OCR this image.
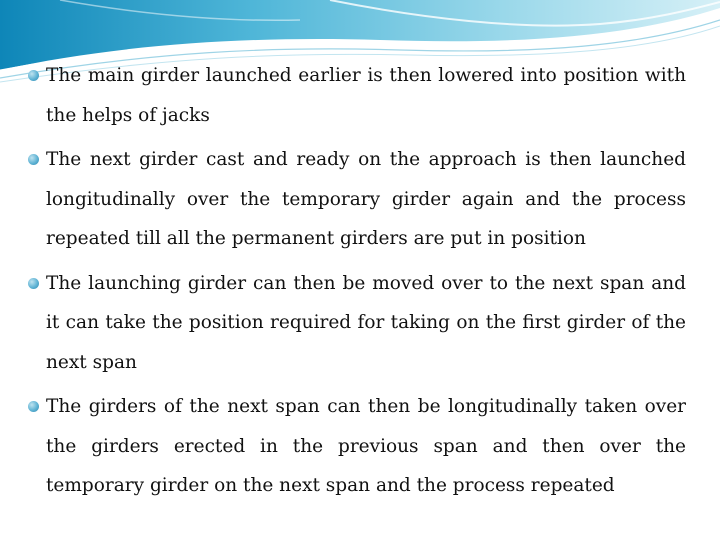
The main girder launched earlier is then lowered into position with the helps of jacks
The next girder cast and ready on the approach is then launched longitudinally over the temporary girder again and the process repeated till all the permanent girders are put in position
The launching girder can then be moved over to the next span and it can take the position required for taking on the first girder of the next span
The girders of the next span can then be longitudinally taken over the girders erected in the previous span and then over the temporary girder on the next span and the process repeated
